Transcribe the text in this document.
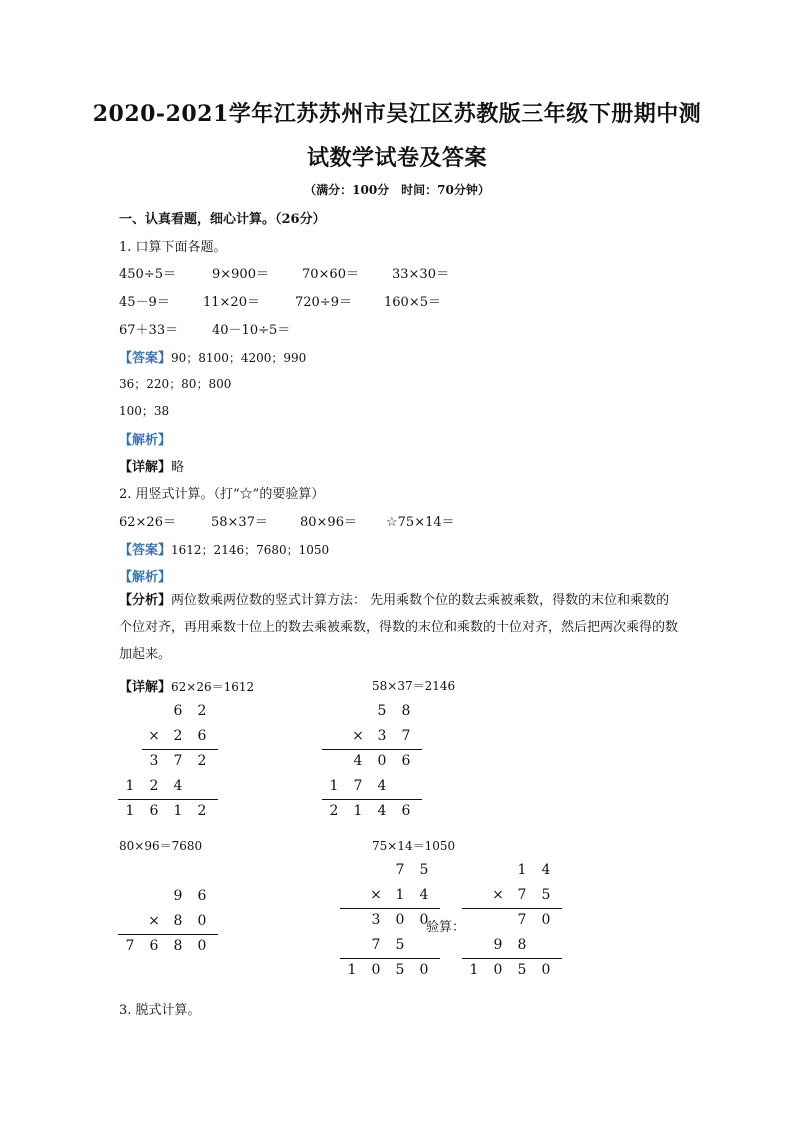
2020-2021学年江苏苏州市吴江区苏教版三年级下册期中测
试数学试卷及答案
（满分：100分　时间：70分钟）
一、认真看题，细心计算。（26分）
1. 口算下面各题。
450÷5＝	9×900＝	70×60＝	33×30＝
45－9＝	11×20＝	720÷9＝ 160×5＝
67＋33＝	40－10÷5＝
【答案】90；8100；4200；990
36；220；80；800
100；38
【解析】
【详解】略
2. 用竖式计算。（打“☆”的要验算）
62×26＝	58×37＝ 80×96＝ ☆75×14＝
【答案】1612；2146；7680；1050
【解析】
【分析】两位数乘两位数的竖式计算方法： 先用乘数个位的数去乘被乘数，得数的末位和乘数的个位对齐，再用乘数十位上的数去乘被乘数，得数的末位和乘数的十位对齐，然后把两次乘得的数加起来。
【详解】62×26＝1612	58×37＝2146
6 2
× 2 6
3 7 2
1 2 4
1 6 1 2
5 8
× 3 7
4 0 6
1 7 4
2 1 4 6
80×96＝7680	75×14＝1050
9 6
× 8 0
7 6 8 0
7 5
× 1 4
3 0 0
7 5
1 0 5 0
验算：
1 4
× 7 5
7 0
9 8
1 0 5 0
3. 脱式计算。
